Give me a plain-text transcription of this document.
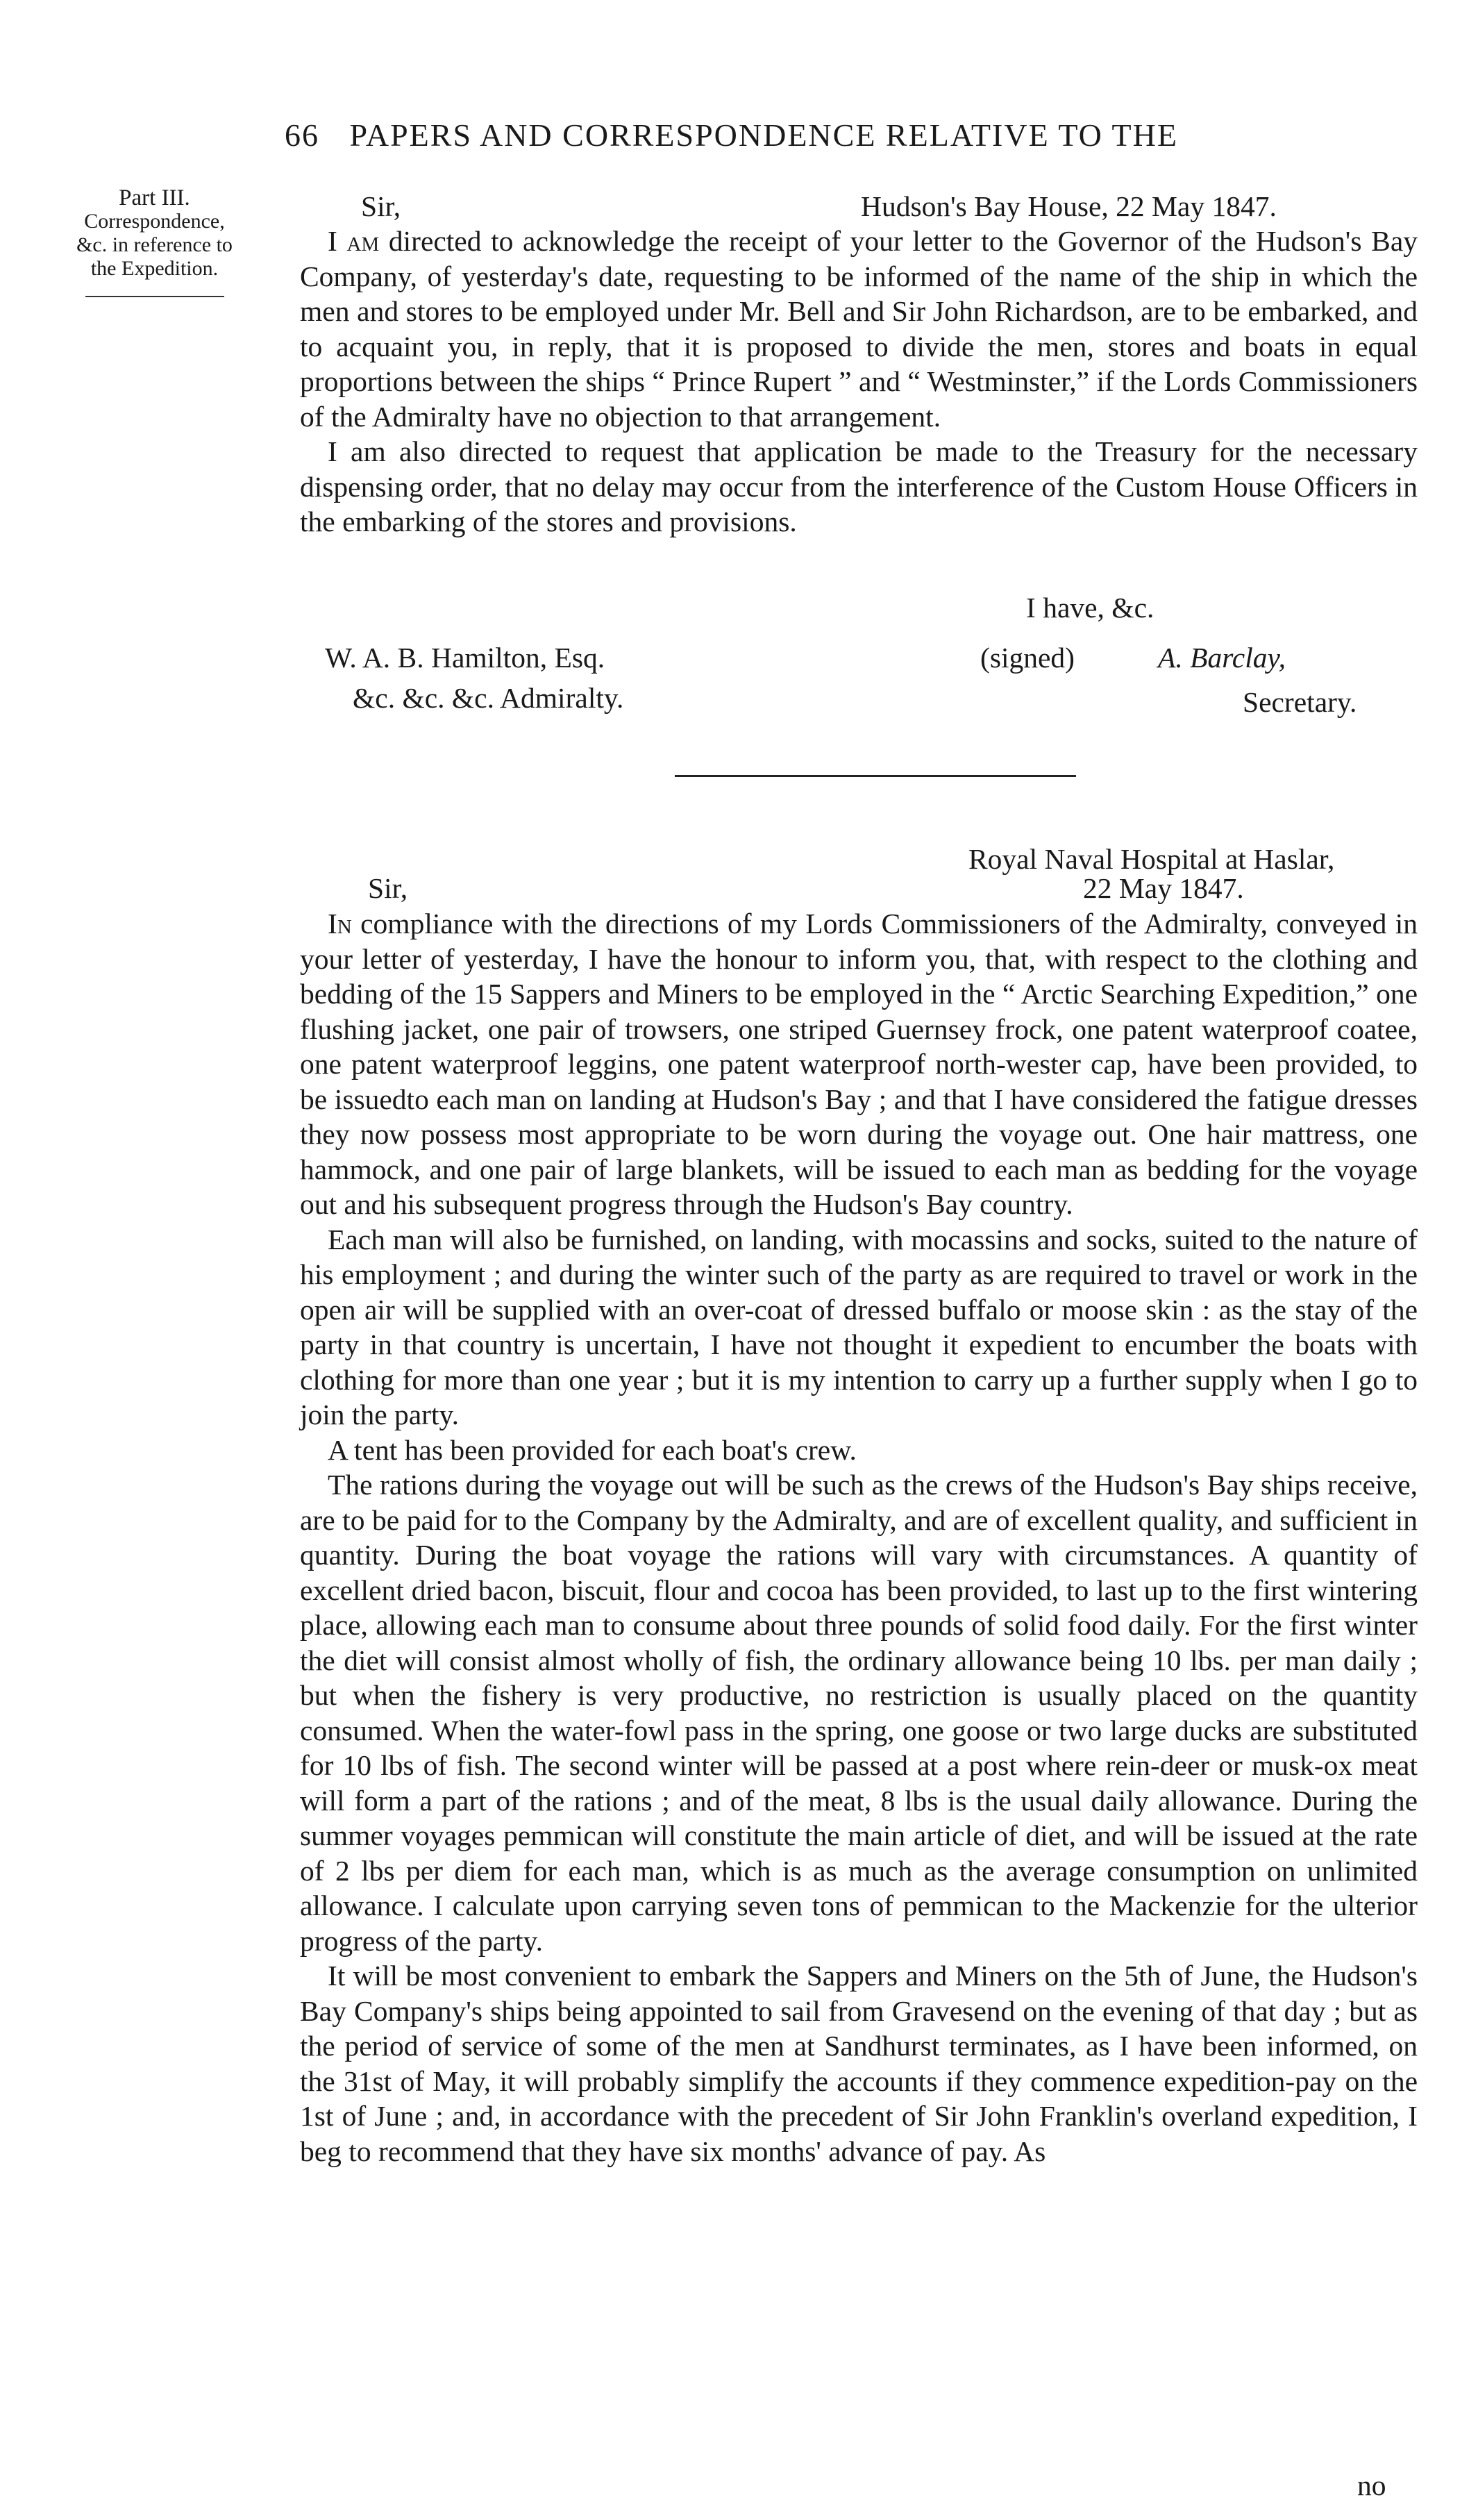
66 PAPERS AND CORRESPONDENCE RELATIVE TO THE
Part III.
Correspondence,
&c. in reference to
the Expedition.
Sir,	Hudson's Bay House, 22 May 1847.

I am directed to acknowledge the receipt of your letter to the Governor of the Hudson's Bay Company, of yesterday's date, requesting to be informed of the name of the ship in which the men and stores to be employed under Mr. Bell and Sir John Richardson, are to be embarked, and to acquaint you, in reply, that it is proposed to divide the men, stores and boats in equal proportions between the ships “ Prince Rupert ” and “ Westminster,” if the Lords Commissioners of the Admiralty have no objection to that arrangement.

I am also directed to request that application be made to the Treasury for the necessary dispensing order, that no delay may occur from the interference of the Custom House Officers in the embarking of the stores and provisions.

I have, &c.
W. A. B. Hamilton, Esq.	(signed)	A. Barclay,
&c. &c. &c. Admiralty.	Secretary.
Royal Naval Hospital at Haslar,
Sir,	22 May 1847.

In compliance with the directions of my Lords Commissioners of the Admiralty, conveyed in your letter of yesterday, I have the honour to inform you, that, with respect to the clothing and bedding of the 15 Sappers and Miners to be employed in the “ Arctic Searching Expedition,” one flushing jacket, one pair of trowsers, one striped Guernsey frock, one patent waterproof coatee, one patent waterproof leggins, one patent waterproof north-wester cap, have been provided, to be issuedto each man on landing at Hudson's Bay ; and that I have considered the fatigue dresses they now possess most appropriate to be worn during the voyage out. One hair mattress, one hammock, and one pair of large blankets, will be issued to each man as bedding for the voyage out and his subsequent progress through the Hudson's Bay country.

Each man will also be furnished, on landing, with mocassins and socks, suited to the nature of his employment ; and during the winter such of the party as are required to travel or work in the open air will be supplied with an over-coat of dressed buffalo or moose skin : as the stay of the party in that country is uncertain, I have not thought it expedient to encumber the boats with clothing for more than one year ; but it is my intention to carry up a further supply when I go to join the party.

A tent has been provided for each boat's crew.

The rations during the voyage out will be such as the crews of the Hudson's Bay ships receive, are to be paid for to the Company by the Admiralty, and are of excellent quality, and sufficient in quantity. During the boat voyage the rations will vary with circumstances. A quantity of excellent dried bacon, biscuit, flour and cocoa has been provided, to last up to the first wintering place, allowing each man to consume about three pounds of solid food daily. For the first winter the diet will consist almost wholly of fish, the ordinary allowance being 10 lbs. per man daily ; but when the fishery is very productive, no restriction is usually placed on the quantity consumed. When the water-fowl pass in the spring, one goose or two large ducks are substituted for 10 lbs of fish. The second winter will be passed at a post where rein-deer or musk-ox meat will form a part of the rations ; and of the meat, 8 lbs is the usual daily allowance. During the summer voyages pemmican will constitute the main article of diet, and will be issued at the rate of 2 lbs per diem for each man, which is as much as the average consumption on unlimited allowance. I calculate upon carrying seven tons of pemmican to the Mackenzie for the ulterior progress of the party.

It will be most convenient to embark the Sappers and Miners on the 5th of June, the Hudson's Bay Company's ships being appointed to sail from Gravesend on the evening of that day ; but as the period of service of some of the men at Sandhurst terminates, as I have been informed, on the 31st of May, it will probably simplify the accounts if they commence expedition-pay on the 1st of June ; and, in accordance with the precedent of Sir John Franklin's overland expedition, I beg to recommend that they have six months' advance of pay. As

no
